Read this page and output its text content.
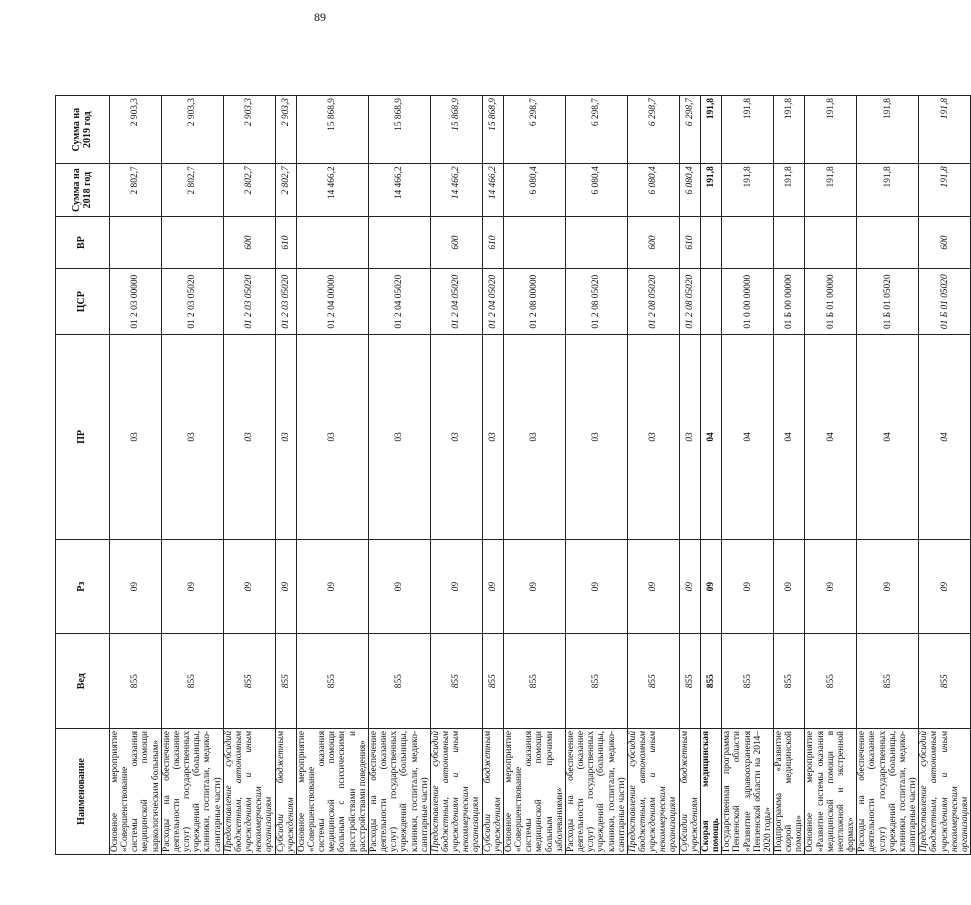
89
Наименование	Вед	Рз	ПР	ЦСР	ВР	Сумма на 2018 год	Сумма на 2019 год
Основное мероприятие «Совершенствование системы оказания медицинской помощи наркологическим больным»	855	09	03	01 2 03 00000		2 802,7	2 903,3
Расходы на обеспечение деятельности (оказание услуг) государственных учреждений (больницы, клиники, госпитали, медико-санитарные части)	855	09	03	01 2 03 05020		2 802,7	2 903,3
Предоставление субсидий бюджетным, автономным учреждениям и иным некоммерческим организациям	855	09	03	01 2 03 05020	600	2 802,7	2 903,3
Субсидии бюджетным учреждениям	855	09	03	01 2 03 05020	610	2 802,7	2 903,3
Основное мероприятие «Совершенствование системы оказания медицинской помощи больным с психическими расстройствами и расстройствами поведения»	855	09	03	01 2 04 00000		14 466,2	15 868,9
Расходы на обеспечение деятельности (оказание услуг) государственных учреждений (больницы, клиники, госпитали, медико-санитарные части)	855	09	03	01 2 04 05020		14 466,2	15 868,9
Предоставление субсидий бюджетным, автономным учреждениям и иным некоммерческим организациям	855	09	03	01 2 04 05020	600	14 466,2	15 868,9
Субсидии бюджетным учреждениям	855	09	03	01 2 04 05020	610	14 466,2	15 868,9
Основное мероприятие «Совершенствование системы оказания медицинской помощи больным прочими заболеваниями»	855	09	03	01 2 08 00000		6 080,4	6 298,7
Расходы на обеспечение деятельности (оказание услуг) государственных учреждений (больницы, клиники, госпитали, медико-санитарные части)	855	09	03	01 2 08 05020		6 080,4	6 298,7
Предоставление субсидий бюджетным, автономным учреждениям и иным некоммерческим организациям	855	09	03	01 2 08 05020	600	6 080,4	6 298,7
Субсидии бюджетным учреждениям	855	09	03	01 2 08 05020	610	6 080,4	6 298,7
Скорая медицинская помощь	855	09	04			191,8	191,8
Государственная программа Пензенской области «Развитие здравоохранения Пензенской области на 2014–2020 годы»	855	09	04	01 0 00 00000		191,8	191,8
Подпрограмма «Развитие скорой медицинской помощи»	855	09	04	01 Б 00 00000		191,8	191,8
Основное мероприятие «Развитие системы оказания медицинской помощи в неотложной и экстренной формах»	855	09	04	01 Б 01 00000		191,8	191,8
Расходы на обеспечение деятельности (оказание услуг) государственных учреждений (больницы, клиники, госпитали, медико-санитарные части)	855	09	04	01 Б 01 05020		191,8	191,8
Предоставление субсидий бюджетным, автономным учреждениям и иным некоммерческим организациям	855	09	04	01 Б 01 05020	600	191,8	191,8
